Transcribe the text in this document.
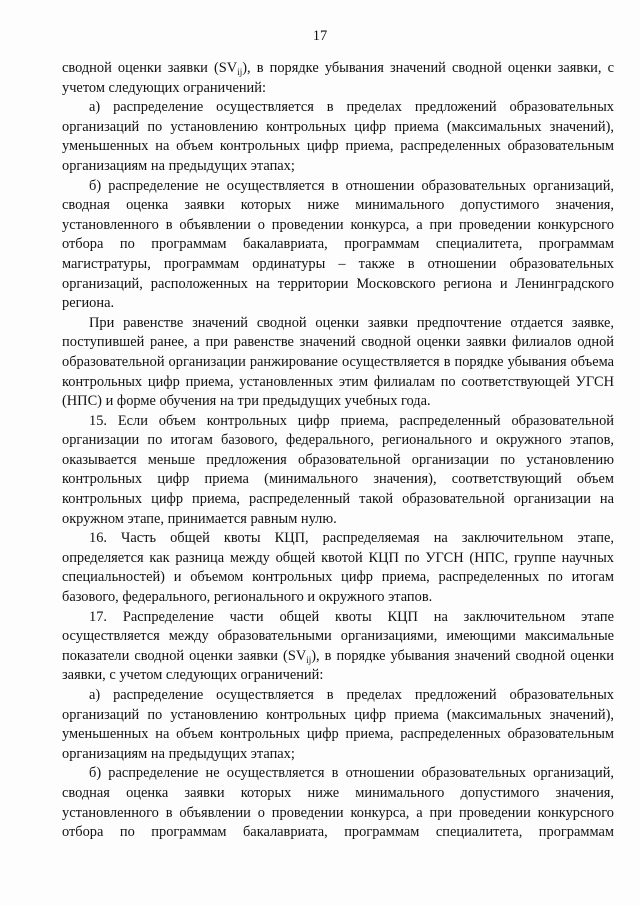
17

сводной оценки заявки $(SV_{ij})$, в порядке убывания значений сводной оценки заявки, с учетом следующих ограничений:

а) распределение осуществляется в пределах предложений образовательных организаций по установлению контрольных цифр приема (максимальных значений), уменьшенных на объем контрольных цифр приема, распределенных образовательным организациям на предыдущих этапах;

б) распределение не осуществляется в отношении образовательных организаций, сводная оценка заявки которых ниже минимального допустимого значения, установленного в объявлении о проведении конкурса, а при проведении конкурсного отбора по программам бакалавриата, программам специалитета, программам магистратуры, программам ординатуры – также в отношении образовательных организаций, расположенных на территории Московского региона и Ленинградского региона.

При равенстве значений сводной оценки заявки предпочтение отдается заявке, поступившей ранее, а при равенстве значений сводной оценки заявки филиалов одной образовательной организации ранжирование осуществляется в порядке убывания объема контрольных цифр приема, установленных этим филиалам по соответствующей УГСН (НПС) и форме обучения на три предыдущих учебных года.

15. Если объем контрольных цифр приема, распределенный образовательной организации по итогам базового, федерального, регионального и окружного этапов, оказывается меньше предложения образовательной организации по установлению контрольных цифр приема (минимального значения), соответствующий объем контрольных цифр приема, распределенный такой образовательной организации на окружном этапе, принимается равным нулю.

16. Часть общей квоты КЦП, распределяемая на заключительном этапе, определяется как разница между общей квотой КЦП по УГСН (НПС, группе научных специальностей) и объемом контрольных цифр приема, распределенных по итогам базового, федерального, регионального и окружного этапов.

17. Распределение части общей квоты КЦП на заключительном этапе осуществляется между образовательными организациями, имеющими максимальные показатели сводной оценки заявки $(SV_{ij})$, в порядке убывания значений сводной оценки заявки, с учетом следующих ограничений:

а) распределение осуществляется в пределах предложений образовательных организаций по установлению контрольных цифр приема (максимальных значений), уменьшенных на объем контрольных цифр приема, распределенных образовательным организациям на предыдущих этапах;

б) распределение не осуществляется в отношении образовательных организаций, сводная оценка заявки которых ниже минимального допустимого значения, установленного в объявлении о проведении конкурса, а при проведении конкурсного отбора по программам бакалавриата, программам специалитета, программам
